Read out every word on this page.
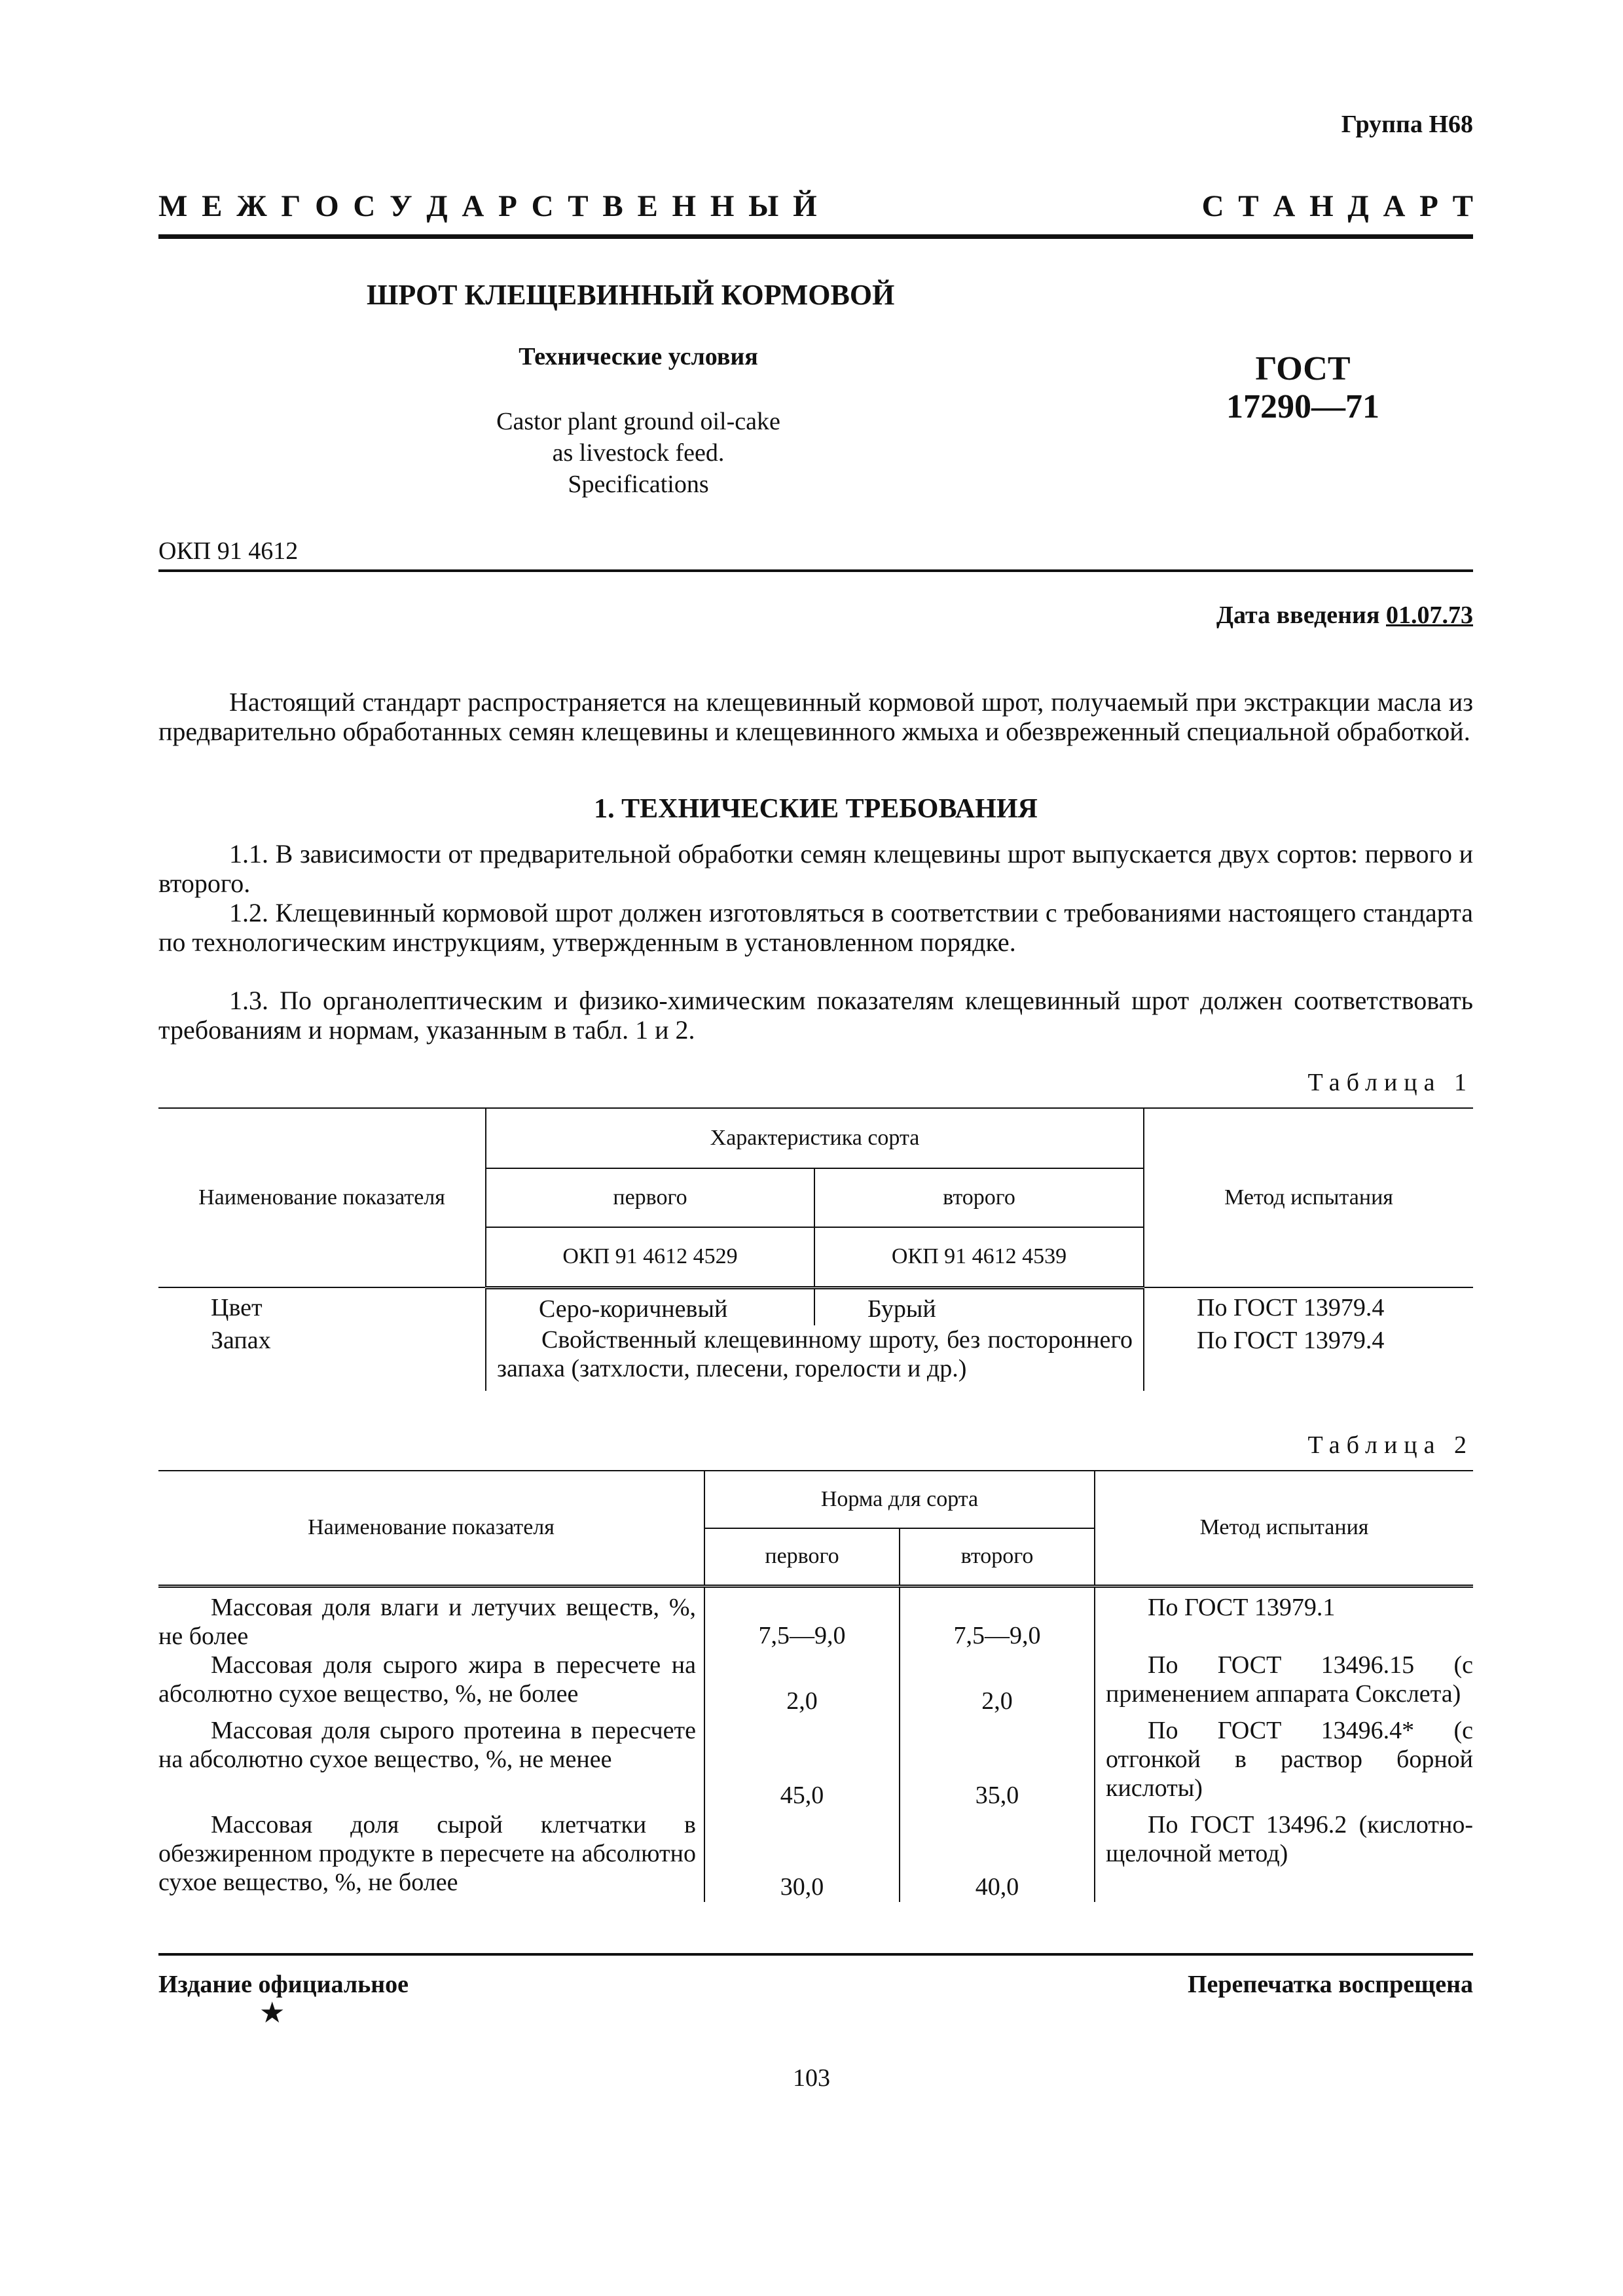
Группа Н68
М Е Ж Г О С У Д А Р С Т В Е Н Н Ы Й	С Т А Н Д А Р Т
ШРОТ КЛЕЩЕВИННЫЙ КОРМОВОЙ
Технические условия
Castor plant ground oil-cake
as livestock feed.
Specifications
ГОСТ
17290—71
ОКП 91 4612
Дата введения 01.07.73
Настоящий стандарт распространяется на клещевинный кормовой шрот, получаемый при экстракции масла из предварительно обработанных семян клещевины и клещевинного жмыха и обезвреженный специальной обработкой.
1. ТЕХНИЧЕСКИЕ ТРЕБОВАНИЯ
1.1. В зависимости от предварительной обработки семян клещевины шрот выпускается двух сортов: первого и второго.
1.2. Клещевинный кормовой шрот должен изготовляться в соответствии с требованиями настоящего стандарта по технологическим инструкциям, утвержденным в установленном порядке.
1.3. По органолептическим и физико-химическим показателям клещевинный шрот должен соответствовать требованиям и нормам, указанным в табл. 1 и 2.
Таблица 1
Наименование показателя	Характеристика сорта		Метод испытания
	первого	второго	
	ОКП 91 4612 4529	ОКП 91 4612 4539	
Цвет	Серо-коричневый	Бурый	По ГОСТ 13979.4
Запах	Свойственный клещевинному шроту, без постороннего запаха (затхлости, плесени, горелости и др.)		По ГОСТ 13979.4
Таблица 2
Наименование показателя	Норма для сорта		Метод испытания
	первого	второго	
Массовая доля влаги и летучих веществ, %, не более	7,5—9,0	7,5—9,0	По ГОСТ 13979.1
Массовая доля сырого жира в пересчете на абсолютно сухое вещество, %, не более	2,0	2,0	По ГОСТ 13496.15 (с применением аппарата Сокслета)
Массовая доля сырого протеина в пересчете на абсолютно сухое вещество, %, не менее	45,0	35,0	По ГОСТ 13496.4* (с отгонкой в раствор борной кислоты)
Массовая доля сырой клетчатки в обезжиренном продукте в пересчете на абсолютно сухое вещество, %, не более	30,0	40,0	По ГОСТ 13496.2 (кислотно-щелочной метод)
Издание официальное	Перепечатка воспрещена
★
103
